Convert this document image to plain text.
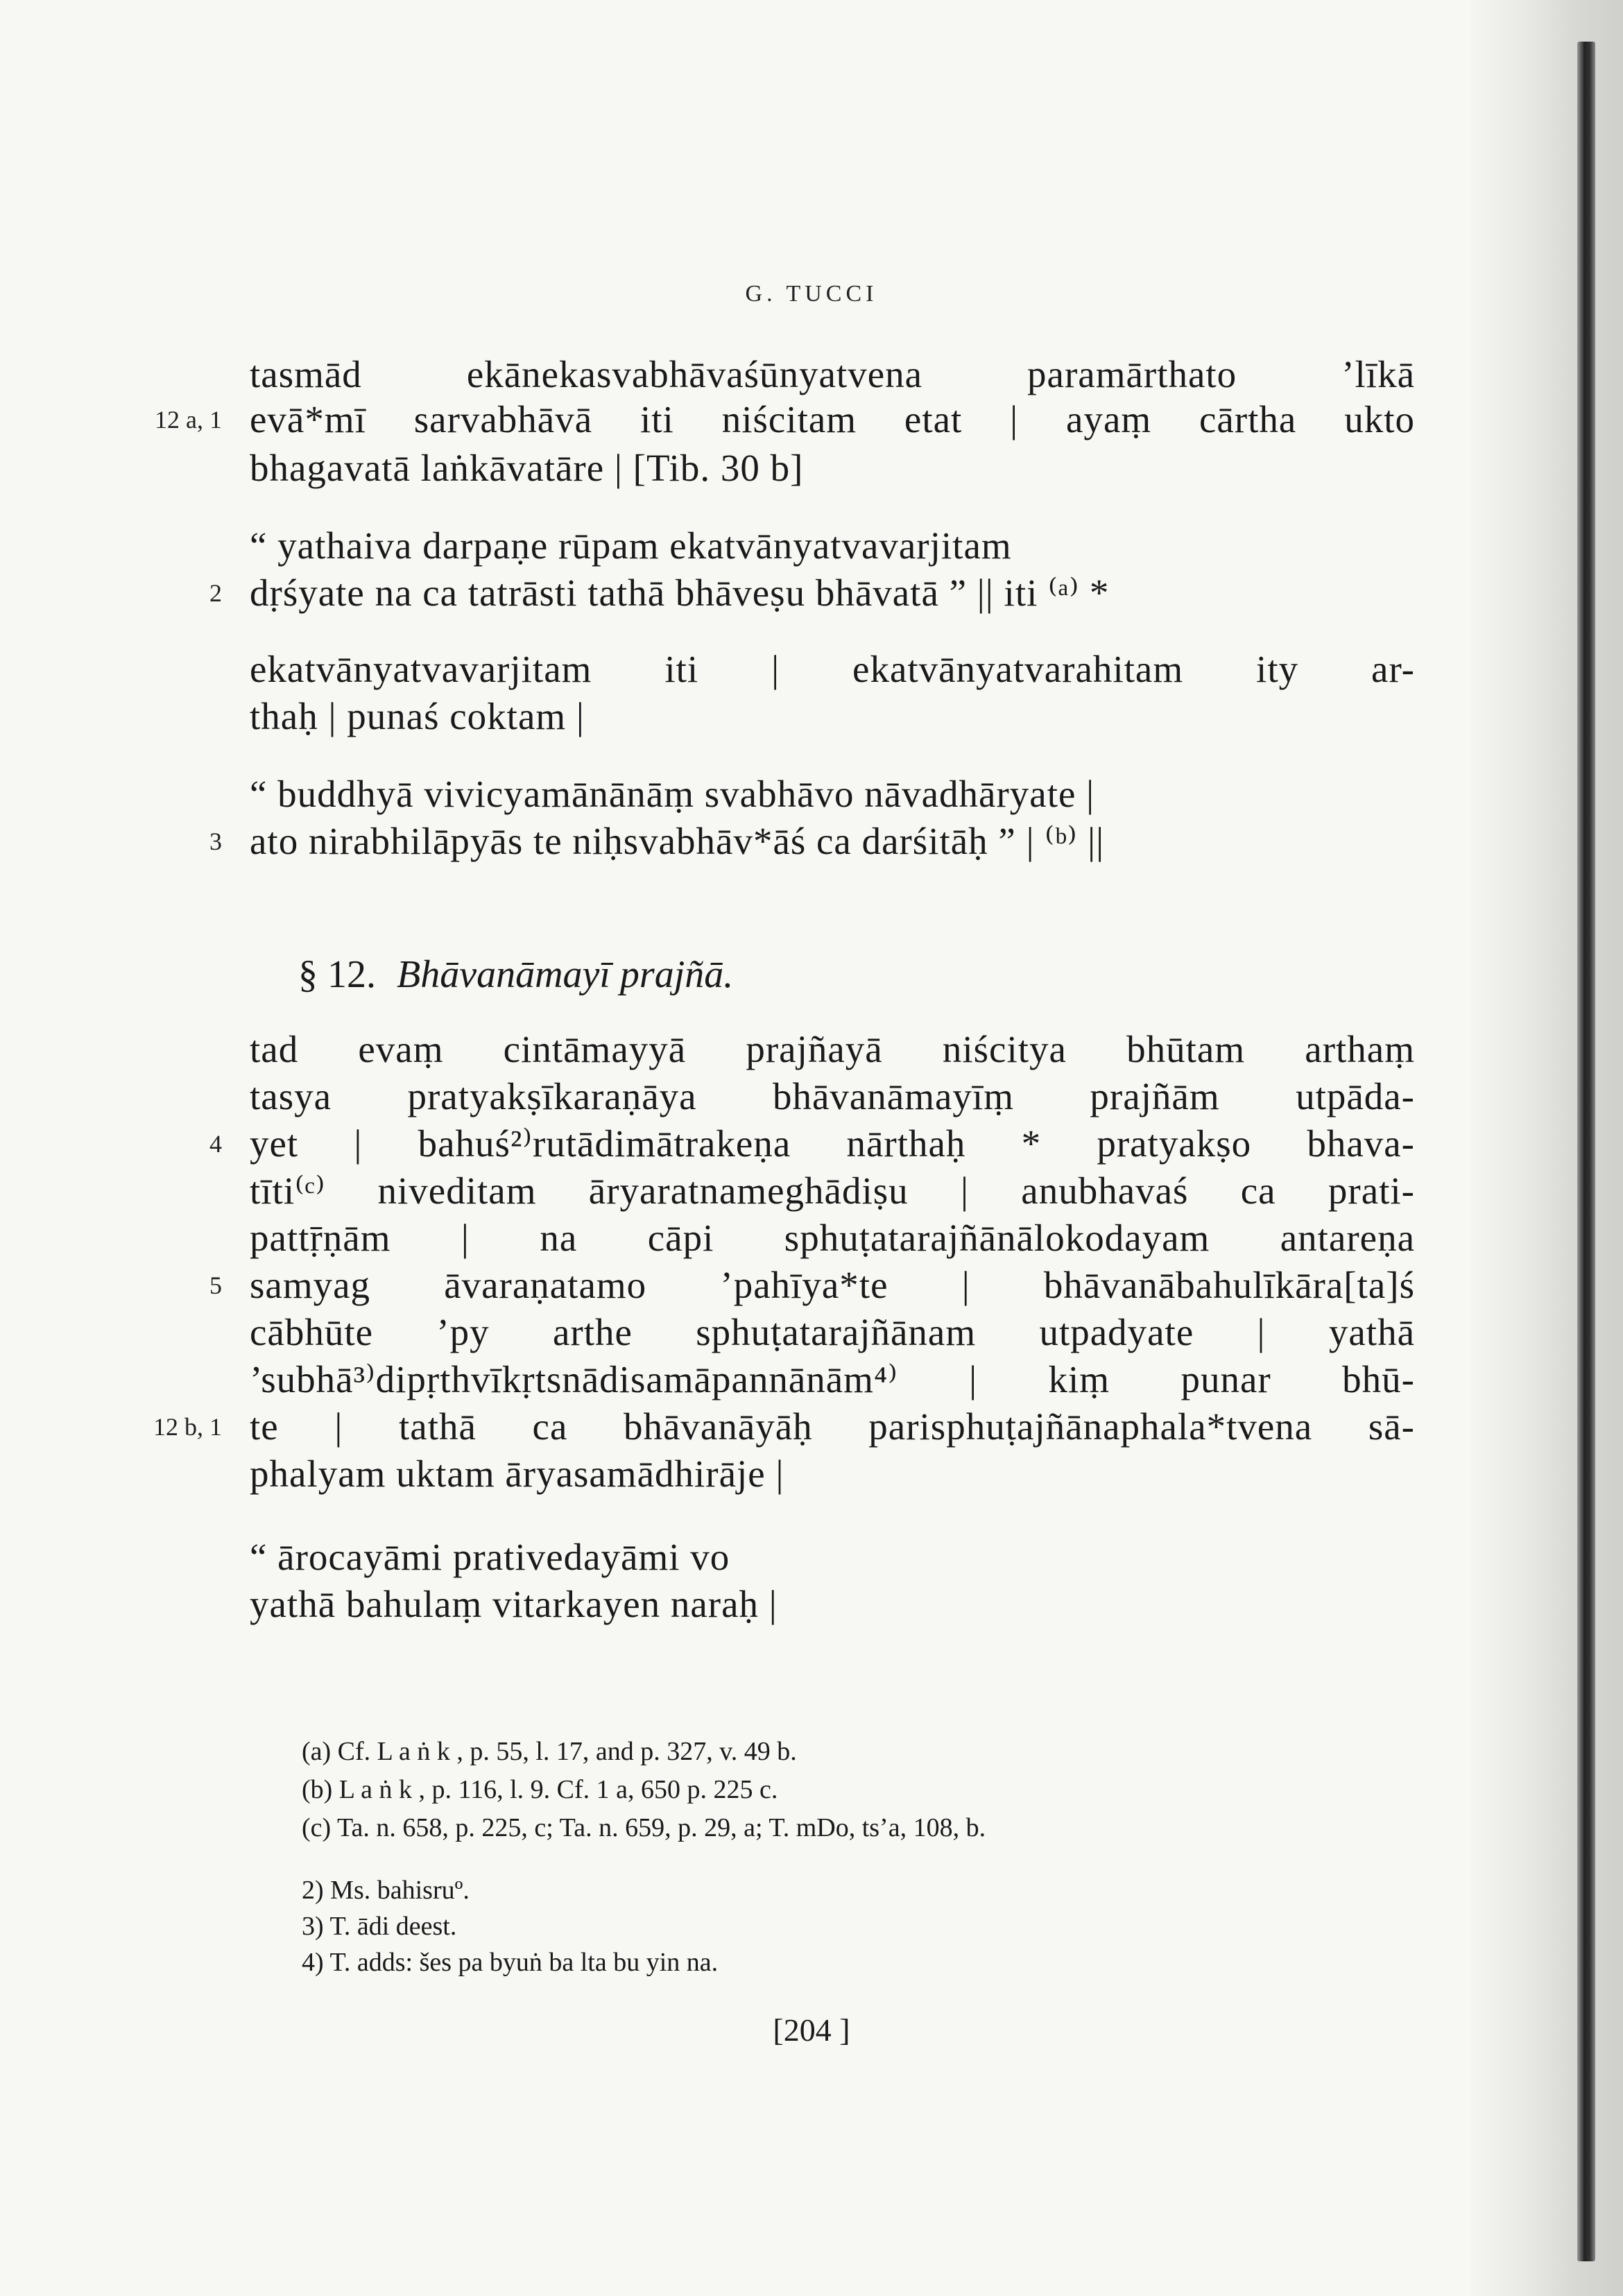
G. TUCCI
tasmād ekānekasvabhāvaśūnyatvena paramārthato ’līkā
12 a, 1 evā*mī sarvabhāvā iti niścitam etat | ayaṃ cārtha ukto
bhagavatā laṅkāvatāre | [Tib. 30 b]
“ yathaiva darpaṇe rūpam ekatvānyatvavarjitam
2 dṛśyate na ca tatrāsti tathā bhāveṣu bhāvatā ” || iti ⁽ᵃ⁾ *
ekatvānyatvavarjitam iti | ekatvānyatvarahitam ity ar-
thaḥ | punaś coktam |
“ buddhyā vivicyamānānāṃ svabhāvo nāvadhāryate |
3 ato nirabhilāpyās te niḥsvabhāv*āś ca darśitāḥ ” | ⁽ᵇ⁾ ||
§ 12. Bhāvanāmayī prajñā.
tad evaṃ cintāmayyā prajñayā niścitya bhūtam arthaṃ
tasya pratyakṣīkaraṇāya bhāvanāmayīṃ prajñām utpāda-
4 yet | bahuś²⁾rutādimātrakeṇa nārthaḥ * pratyakṣo bhava-
tīti⁽ᶜ⁾ niveditam āryaratnameghādiṣu | anubhavaś ca prati-
pattṝṇām | na cāpi sphuṭatarajñānālokodayam antareṇa
5 samyag āvaraṇatamo ’pahīya*te | bhāvanābahulīkāra[ta]ś
cābhūte ’py arthe sphuṭatarajñānam utpadyate | yathā
’subhā³⁾dipṛthvīkṛtsnādisamāpannānām⁴⁾ | kiṃ punar bhū-
12 b, 1 te | tathā ca bhāvanāyāḥ parisphuṭajñānaphala*tvena sā-
phalyam uktam āryasamādhirāje |
“ ārocayāmi prativedayāmi vo
yathā bahulaṃ vitarkayen naraḥ |
(a) Cf. L a ṅ k , p. 55, l. 17, and p. 327, v. 49 b.
(b) L a ṅ k , p. 116, l. 9. Cf. 1 a, 650 p. 225 c.
(c) Ta. n. 658, p. 225, c; Ta. n. 659, p. 29, a; T. mDo, ts’a, 108, b.
2) Ms. bahisruº.
3) T. ādi deest.
4) T. adds: šes pa byuṅ ba lta bu yin na.
[204 ]
